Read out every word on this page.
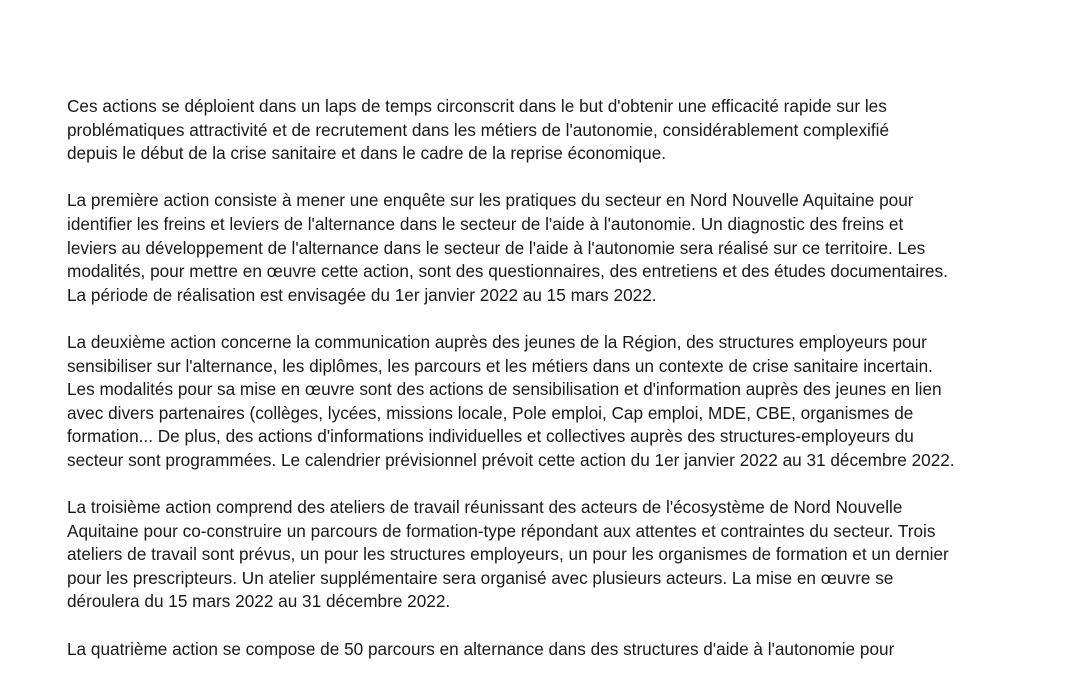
Ces actions se déploient dans un laps de temps circonscrit dans le but d'obtenir une efficacité rapide sur les
problématiques attractivité et de recrutement dans les métiers de l'autonomie, considérablement complexifié
depuis le début de la crise sanitaire et dans le cadre de la reprise économique.

La première action consiste à mener une enquête sur les pratiques du secteur en Nord Nouvelle Aquitaine pour
identifier les freins et leviers de l'alternance dans le secteur de l'aide à l'autonomie. Un diagnostic des freins et
leviers au développement de l'alternance dans le secteur de l'aide à l'autonomie sera réalisé sur ce territoire. Les
modalités, pour mettre en œuvre cette action, sont des questionnaires, des entretiens et des études documentaires.
La période de réalisation est envisagée du 1er janvier 2022 au 15 mars 2022.

La deuxième action concerne la communication auprès des jeunes de la Région, des structures employeurs pour
sensibiliser sur l'alternance, les diplômes, les parcours et les métiers dans un contexte de crise sanitaire incertain.
Les modalités pour sa mise en œuvre sont des actions de sensibilisation et d'information auprès des jeunes en lien
avec divers partenaires (collèges, lycées, missions locale, Pole emploi, Cap emploi, MDE, CBE, organismes de
formation... De plus, des actions d'informations individuelles et collectives auprès des structures-employeurs du
secteur sont programmées. Le calendrier prévisionnel prévoit cette action du 1er janvier 2022 au 31 décembre 2022.

La troisième action comprend des ateliers de travail réunissant des acteurs de l'écosystème de Nord Nouvelle
Aquitaine pour co-construire un parcours de formation-type répondant aux attentes et contraintes du secteur. Trois
ateliers de travail sont prévus, un pour les structures employeurs, un pour les organismes de formation et un dernier
pour les prescripteurs. Un atelier supplémentaire sera organisé avec plusieurs acteurs. La mise en œuvre se
déroulera du 15 mars 2022 au 31 décembre 2022.

La quatrième action se compose de 50 parcours en alternance dans des structures d'aide à l'autonomie pour
